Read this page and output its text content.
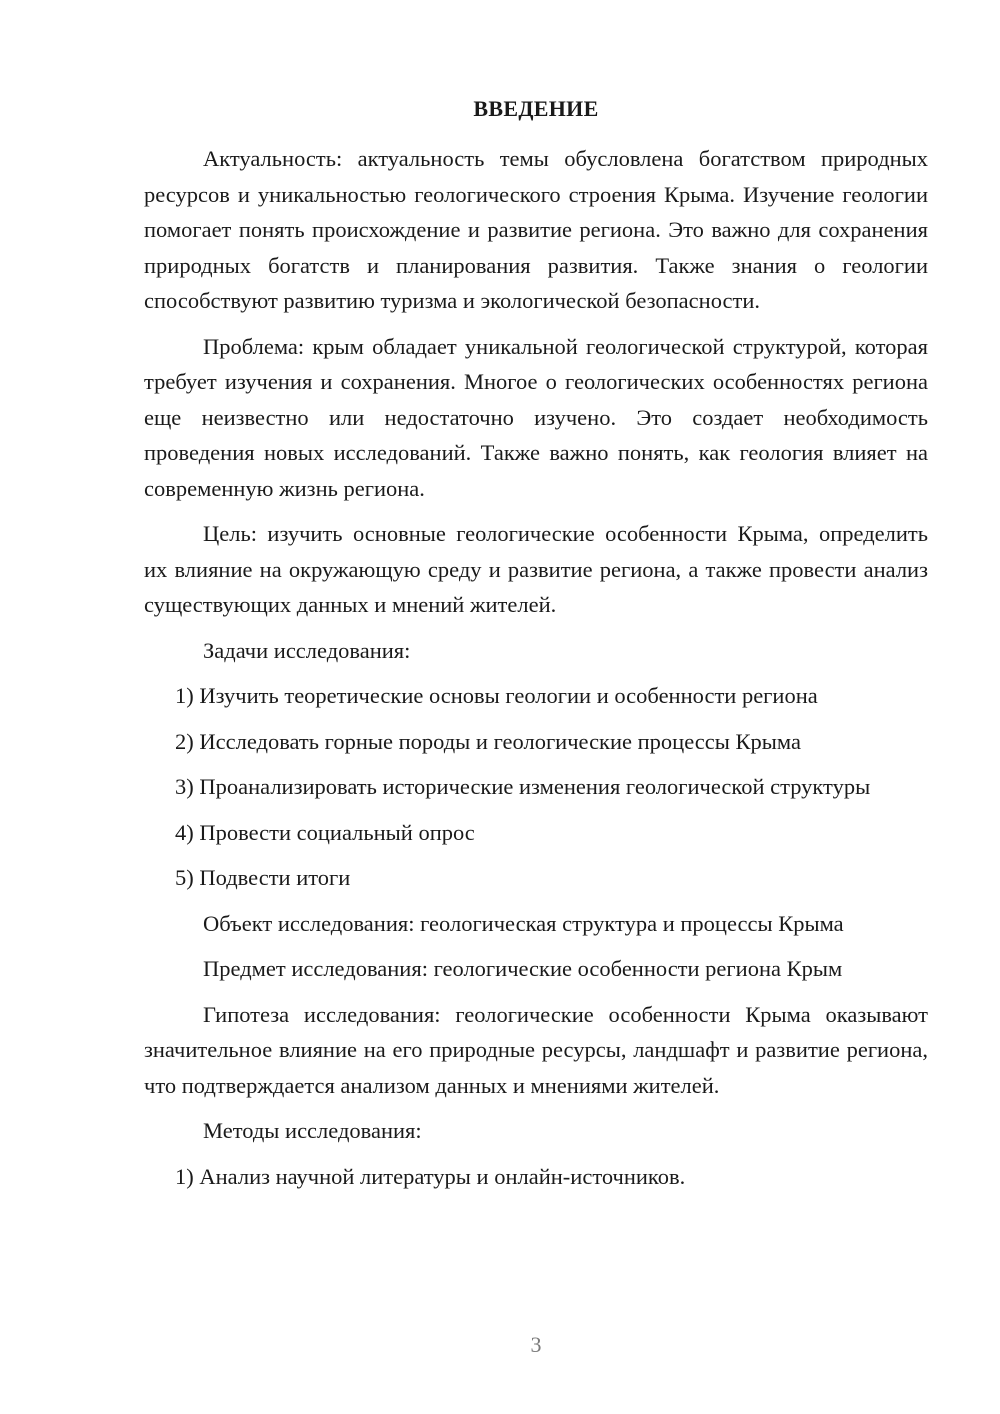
ВВЕДЕНИЕ

Актуальность: актуальность темы обусловлена богатством природных ресурсов и уникальностью геологического строения Крыма. Изучение геологии помогает понять происхождение и развитие региона. Это важно для сохранения природных богатств и планирования развития. Также знания о геологии способствуют развитию туризма и экологической безопасности.

Проблема: крым обладает уникальной геологической структурой, которая требует изучения и сохранения. Многое о геологических особенностях региона еще неизвестно или недостаточно изучено. Это создает необходимость проведения новых исследований. Также важно понять, как геология влияет на современную жизнь региона.

Цель: изучить основные геологические особенности Крыма, определить их влияние на окружающую среду и развитие региона, а также провести анализ существующих данных и мнений жителей.

Задачи исследования:

1) Изучить теоретические основы геологии и особенности региона

2) Исследовать горные породы и геологические процессы Крыма

3) Проанализировать исторические изменения геологической структуры

4) Провести социальный опрос

5) Подвести итоги

Объект исследования: геологическая структура и процессы Крыма

Предмет исследования: геологические особенности региона Крым

Гипотеза исследования: геологические особенности Крыма оказывают значительное влияние на его природные ресурсы, ландшафт и развитие региона, что подтверждается анализом данных и мнениями жителей.

Методы исследования:

1) Анализ научной литературы и онлайн-источников.

3
